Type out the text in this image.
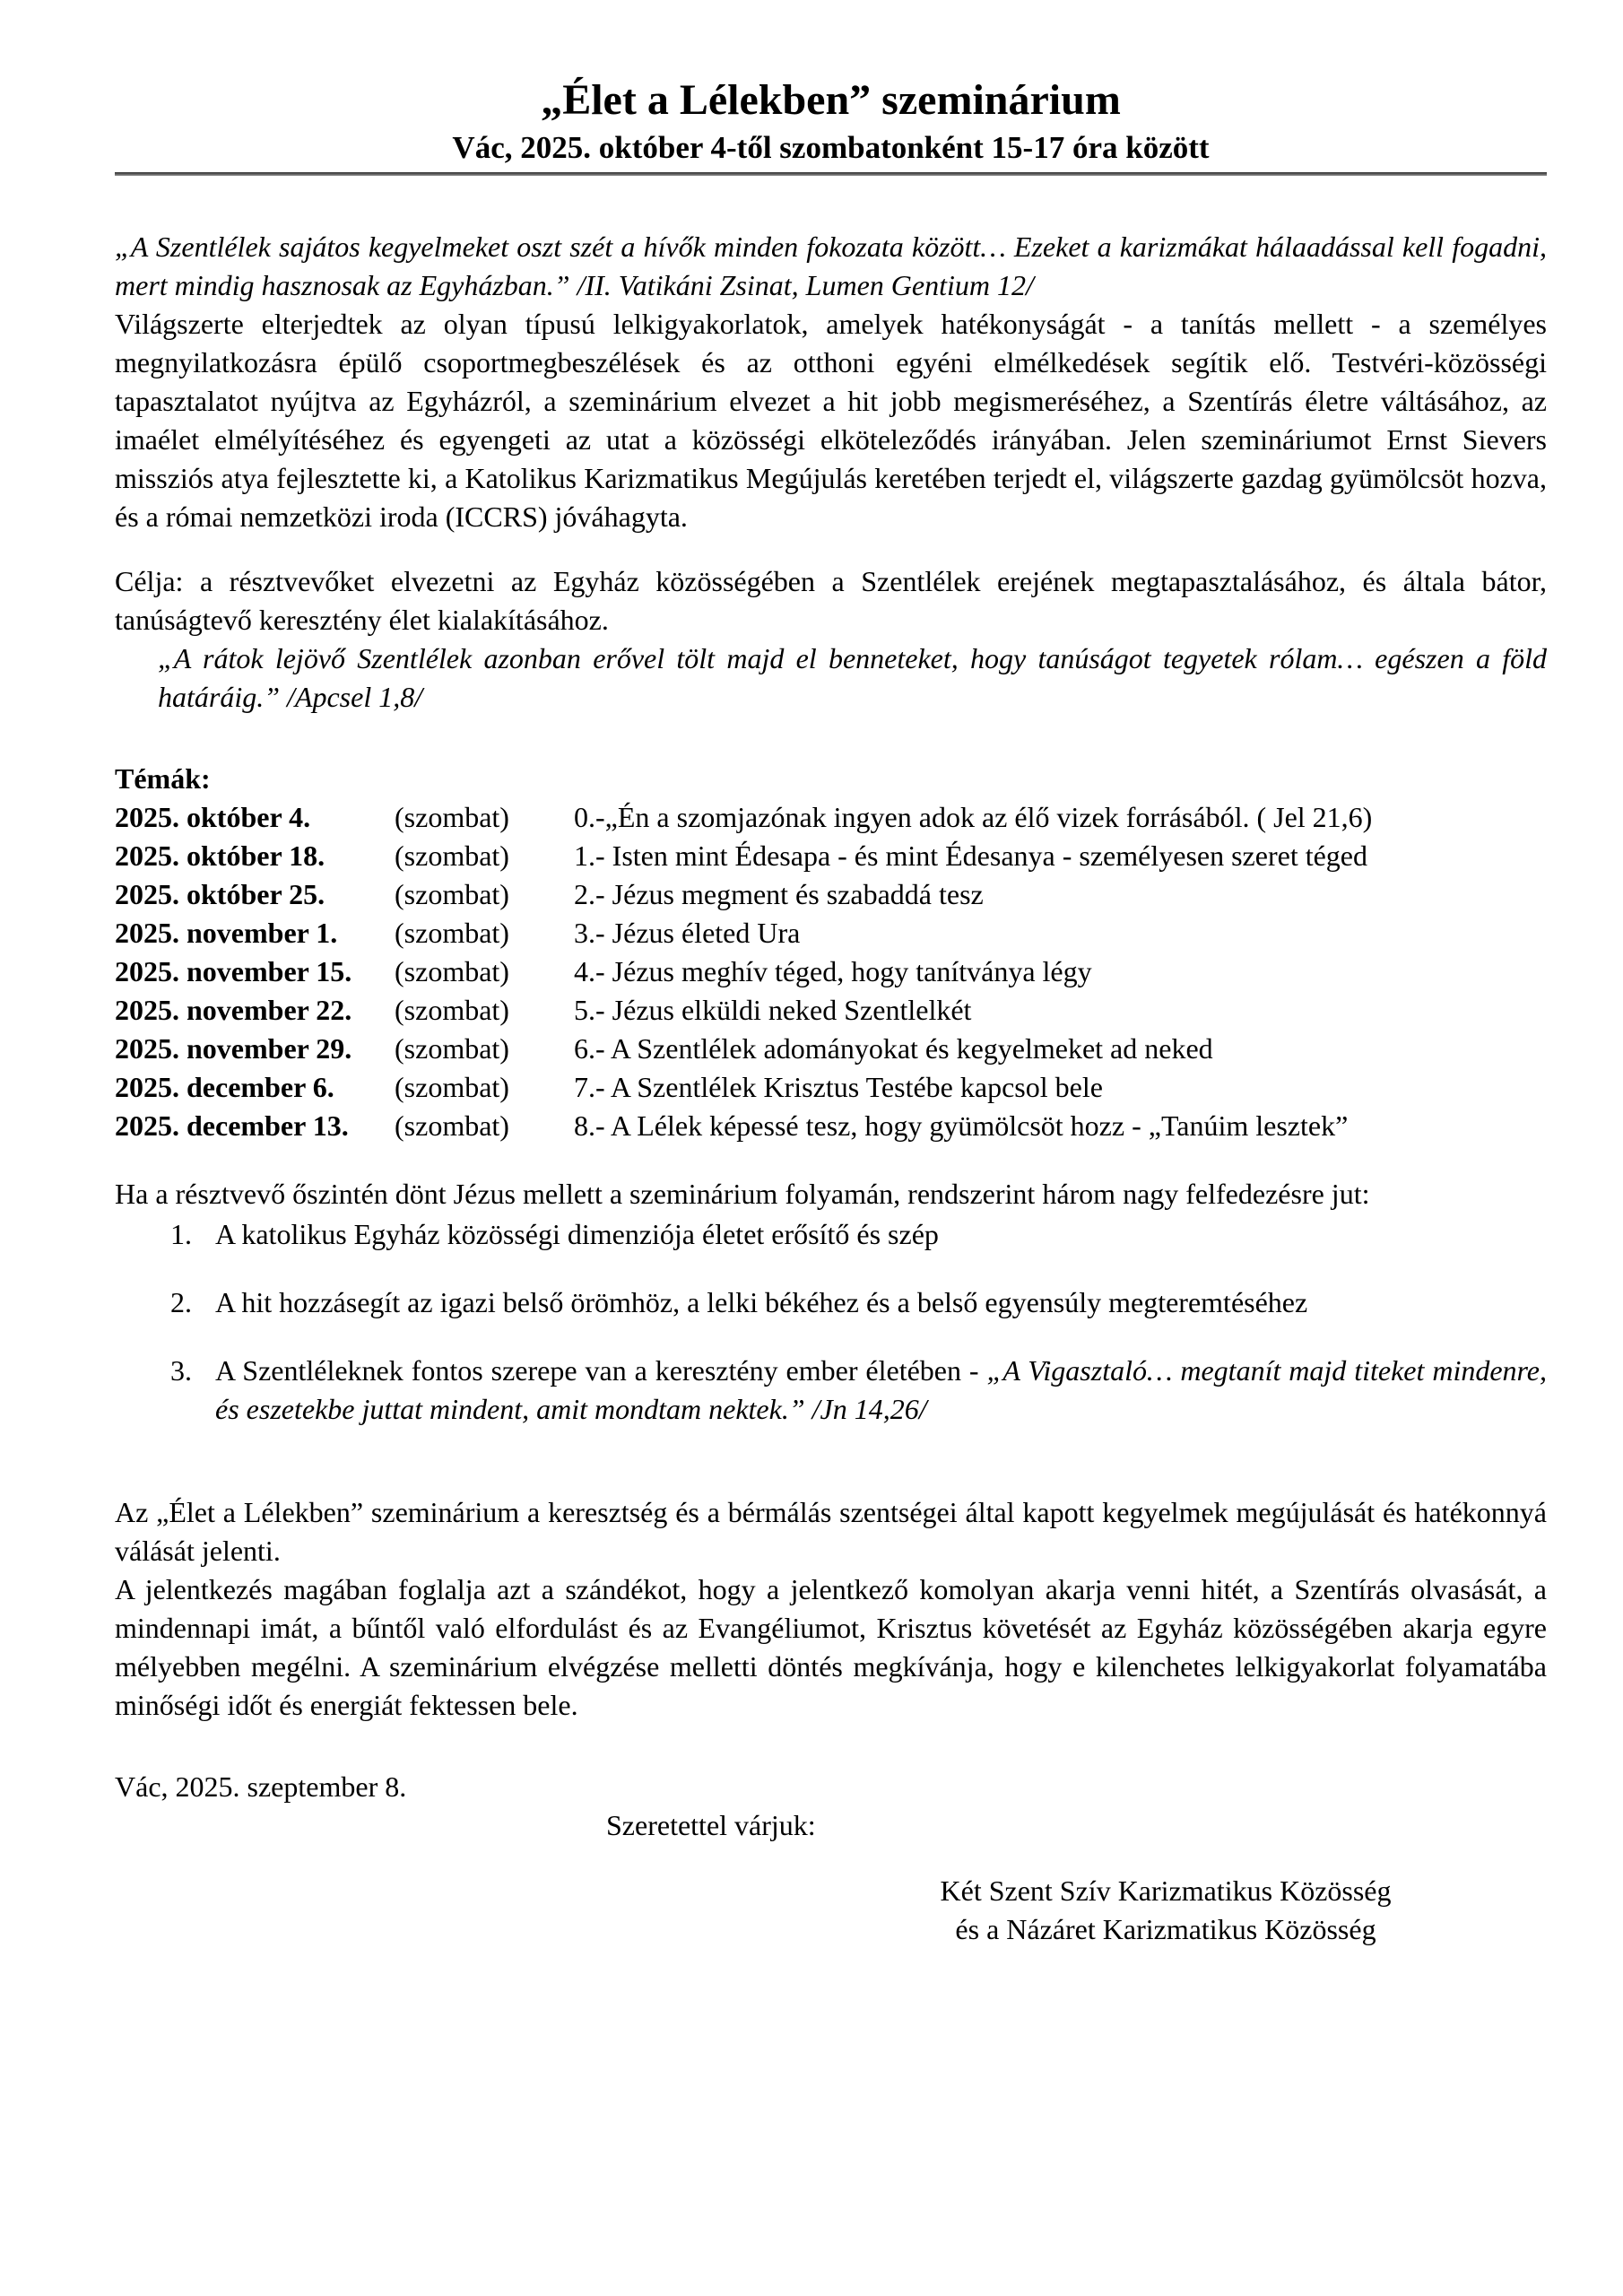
„Élet a Lélekben” szeminárium
Vác, 2025. október 4-től szombatonként 15-17 óra között

„A Szentlélek sajátos kegyelmeket oszt szét a hívők minden fokozata között… Ezeket a karizmákat hálaadással kell fogadni, mert mindig hasznosak az Egyházban.” /II. Vatikáni Zsinat, Lumen Gentium 12/

Világszerte elterjedtek az olyan típusú lelkigyakorlatok, amelyek hatékonyságát - a tanítás mellett - a személyes megnyilatkozásra épülő csoportmegbeszélések és az otthoni egyéni elmélkedések segítik elő. Testvéri-közösségi tapasztalatot nyújtva az Egyházról, a szeminárium elvezet a hit jobb megismeréséhez, a Szentírás életre váltásához, az imaélet elmélyítéséhez és egyengeti az utat a közösségi elköteleződés irányában. Jelen szemináriumot Ernst Sievers missziós atya fejlesztette ki, a Katolikus Karizmatikus Megújulás keretében terjedt el, világszerte gazdag gyümölcsöt hozva, és a római nemzetközi iroda (ICCRS) jóváhagyta.

Célja: a résztvevőket elvezetni az Egyház közösségében a Szentlélek erejének megtapasztalásához, és általa bátor, tanúságtevő keresztény élet kialakításához.

„A rátok lejövő Szentlélek azonban erővel tölt majd el benneteket, hogy tanúságot tegyetek rólam… egészen a föld határáig.” /Apcsel 1,8/

Témák:
2025. október 4.	(szombat)	0.-„Én a szomjazónak ingyen adok az élő vizek forrásából. ( Jel 21,6)
2025. október 18.	(szombat)	1.- Isten mint Édesapa - és mint Édesanya - személyesen szeret téged
2025. október 25.	(szombat)	2.- Jézus megment és szabaddá tesz
2025. november 1.	(szombat)	3.- Jézus életed Ura
2025. november 15.	(szombat)	4.- Jézus meghív téged, hogy tanítványa légy
2025. november 22.	(szombat)	5.- Jézus elküldi neked Szentlelkét
2025. november 29.	(szombat)	6.- A Szentlélek adományokat és kegyelmeket ad neked
2025. december 6.	(szombat)	7.- A Szentlélek Krisztus Testébe kapcsol bele
2025. december 13.	(szombat)	8.- A Lélek képessé tesz, hogy gyümölcsöt hozz - „Tanúim lesztek”

Ha a résztvevő őszintén dönt Jézus mellett a szeminárium folyamán, rendszerint három nagy felfedezésre jut:

1. A katolikus Egyház közösségi dimenziója életet erősítő és szép
2. A hit hozzásegít az igazi belső örömhöz, a lelki békéhez és a belső egyensúly megteremtéséhez
3. A Szentléleknek fontos szerepe van a keresztény ember életében - „A Vigasztaló… megtanít majd titeket mindenre, és eszetekbe juttat mindent, amit mondtam nektek.” /Jn 14,26/

Az „Élet a Lélekben” szeminárium a keresztség és a bérmálás szentségei által kapott kegyelmek megújulását és hatékonnyá válását jelenti.

A jelentkezés magában foglalja azt a szándékot, hogy a jelentkező komolyan akarja venni hitét, a Szentírás olvasását, a mindennapi imát, a bűntől való elfordulást és az Evangéliumot, Krisztus követését az Egyház közösségében akarja egyre mélyebben megélni. A szeminárium elvégzése melletti döntés megkívánja, hogy e kilenchetes lelkigyakorlat folyamatába minőségi időt és energiát fektessen bele.

Vác, 2025. szeptember 8.

Szeretettel várjuk:

Két Szent Szív Karizmatikus Közösség
és a Názáret Karizmatikus Közösség
